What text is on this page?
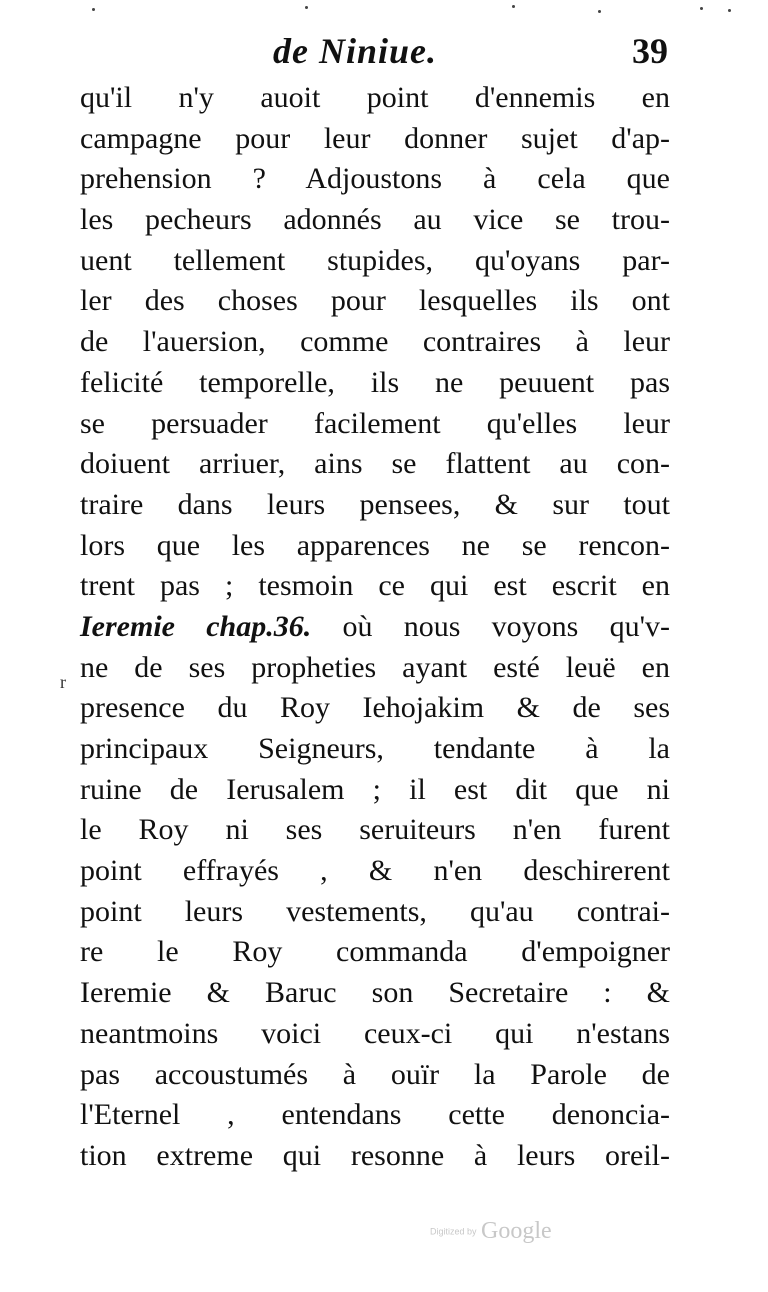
de Niniue.	39
qu'il n'y auoit point d'ennemis en
campagne pour leur donner sujet d'ap-
prehension ? Adjoustons à cela que
les pecheurs adonnés au vice se trou-
uent tellement stupides, qu'oyans par-
ler des choses pour lesquelles ils ont
de l'auersion, comme contraires à leur
felicité temporelle, ils ne peuuent pas
se persuader facilement qu'elles leur
doiuent arriuer, ains se flattent au con-
traire dans leurs pensees, & sur tout
lors que les apparences ne se rencon-
trent pas ; tesmoin ce qui est escrit en
Ieremie chap.36. où nous voyons qu'v-
ne de ses propheties ayant esté leuë en
presence du Roy Iehojakim & de ses
principaux Seigneurs, tendante à la
ruine de Ierusalem ; il est dit que ni
le Roy ni ses seruiteurs n'en furent
point effrayés , & n'en deschirerent
point leurs vestements, qu'au contrai-
re le Roy commanda d'empoigner
Ieremie & Baruc son Secretaire : &
neantmoins voici ceux-ci qui n'estans
pas accoustumés à ouïr la Parole de
l'Eternel , entendans cette denoncia-
tion extreme qui resonne à leurs oreil-
r
Digitized by Google
